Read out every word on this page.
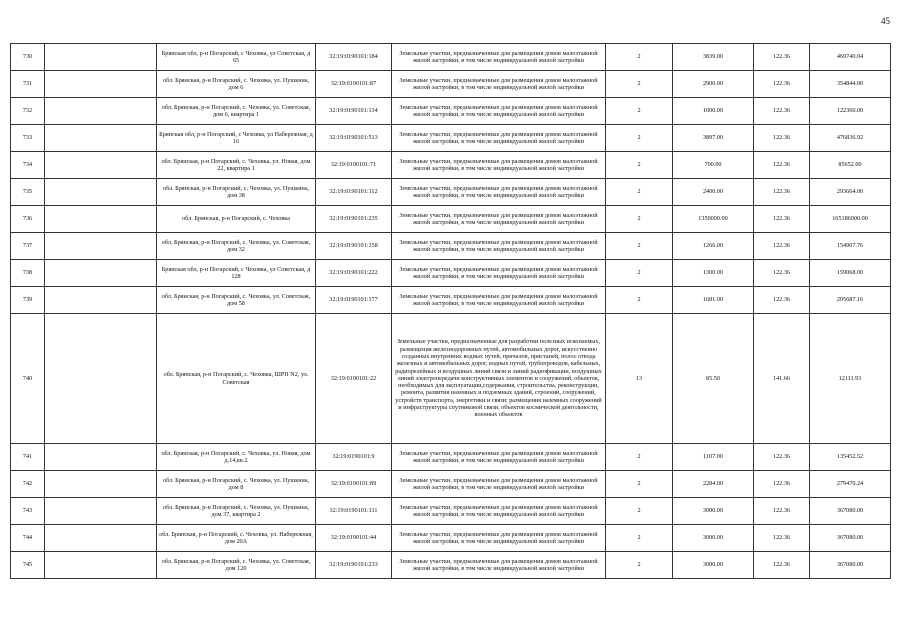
45
730		Брянская обл, р-н Погарский, с Чеховка, ул Советская, д 65	32:19:0190101:184	Земельные участки, предназначенные для размещения домов малоэтажной жилой застройки, в том числе индивидуальной жилой застройки	2	3839.00	122.36	469740.04
731		обл. Брянская, р-н Погарский, с. Чеховка, ул. Пушкина, дом 6	32:19:0190101:87	Земельные участки, предназначенные для размещения домов малоэтажной жилой застройки, в том числе индивидуальной жилой застройки	2	2900.00	122.36	354844.00
732		обл. Брянская, р-н Погарский, с. Чеховка, ул. Советская, дом 6, квартира 1	32:19:0190101:134	Земельные участки, предназначенные для размещения домов малоэтажной жилой застройки, в том числе индивидуальной жилой застройки	2	1000.00	122.36	122360.00
733		Брянская обл, р-н Погарский, с Чеховка, ул Набережная, д 16	32:19:0190101:513	Земельные участки, предназначенные для размещения домов малоэтажной жилой застройки, в том числе индивидуальной жилой застройки	2	3897.00	122.36	476836.92
734		обл. Брянская, р-н Погарский, с. Чеховка, ул. Новая, дом 22, квартира 1	32:19:0190101:71	Земельные участки, предназначенные для размещения домов малоэтажной жилой застройки, в том числе индивидуальной жилой застройки	2	700.00	122.36	85652.00
735		обл. Брянская, р-н Погарский, с. Чеховка, ул. Пушкина, дом 38	32:19:0190101:112	Земельные участки, предназначенные для размещения домов малоэтажной жилой застройки, в том числе индивидуальной жилой застройки	2	2400.00	122.36	293664.00
736		обл. Брянская, р-н Погарский, с. Чеховка	32:19:0190101:235	Земельные участки, предназначенные для размещения домов малоэтажной жилой застройки, в том числе индивидуальной жилой застройки	2	1350000.00	122.36	165186000.00
737		обл. Брянская, р-н Погарский, с. Чеховка, ул. Советская, дом 32	32:19:0190101:158	Земельные участки, предназначенные для размещения домов малоэтажной жилой застройки, в том числе индивидуальной жилой застройки	2	1266.00	122.36	154907.76
738		Брянская обл, р-н Погарский, с Чеховка, ул Советская, д 128	32:19:0190101:222	Земельные участки, предназначенные для размещения домов малоэтажной жилой застройки, в том числе индивидуальной жилой застройки	2	1300.00	122.36	159068.00
739		обл. Брянская, р-н Погарский, с. Чеховка, ул. Советская, дом 58	32:19:0190101:177	Земельные участки, предназначенные для размещения домов малоэтажной жилой застройки, в том числе индивидуальной жилой застройки	2	1681.00	122.36	205687.16
740		обл. Брянская, р-н Погарский, с. Чеховка, ШРП N2, ул. Советская	32:19:0190101:22	Земельные участки, предназначенные для разработки полезных ископаемых, размещения железнодорожных путей, автомобильных дорог, искусственно созданных внутренних водных путей, причалов, пристаней, полос отвода железных и автомобильных дорог, водных путей, трубопроводов, кабельных, радиорелейных и воздушных линий связи и линий радиофикации, воздушных линий электропередачи конструктивных элементов и сооружений, объектов, необходимых для эксплуатации,содержания, строительства, реконструкции, ремонта, развития наземных и подземных зданий, строений, сооружений, устройств транспорта, энергетики и связи; размещения наземных сооружений и инфраструктуры спутниковой связи, объектов космической деятельности, военных объектов	13	85.50	141.66	12111.93
741		обл. Брянская, р-н Погарский, с. Чеховка, ул. Новая, дом д.14,кв.2	32:19:0190101:9	Земельные участки, предназначенные для размещения домов малоэтажной жилой застройки, в том числе индивидуальной жилой застройки	2	1107.00	122.36	135452.52
742		обл. Брянская, р-н Погарский, с. Чеховка, ул. Пушкина, дом 8	32:19:0190101:89	Земельные участки, предназначенные для размещения домов малоэтажной жилой застройки, в том числе индивидуальной жилой застройки	2	2284.00	122.36	279470.24
743		обл. Брянская, р-н Погарский, с. Чеховка, ул. Пушкина, дом 37, квартира 2	32:19:0190101:111	Земельные участки, предназначенные для размещения домов малоэтажной жилой застройки, в том числе индивидуальной жилой застройки	2	3000.00	122.36	367080.00
744		обл. Брянская, р-н Погарский, с. Чеховка, ул. Набережная, дом 20А	32:19:0190101:44	Земельные участки, предназначенные для размещения домов малоэтажной жилой застройки, в том числе индивидуальной жилой застройки	2	3000.00	122.36	367080.00
745		обл. Брянская, р-н Погарский, с. Чеховка, ул. Советская, дом 120	32:19:0190101:233	Земельные участки, предназначенные для размещения домов малоэтажной жилой застройки, в том числе индивидуальной жилой застройки	2	3000.00	122.36	367080.00
